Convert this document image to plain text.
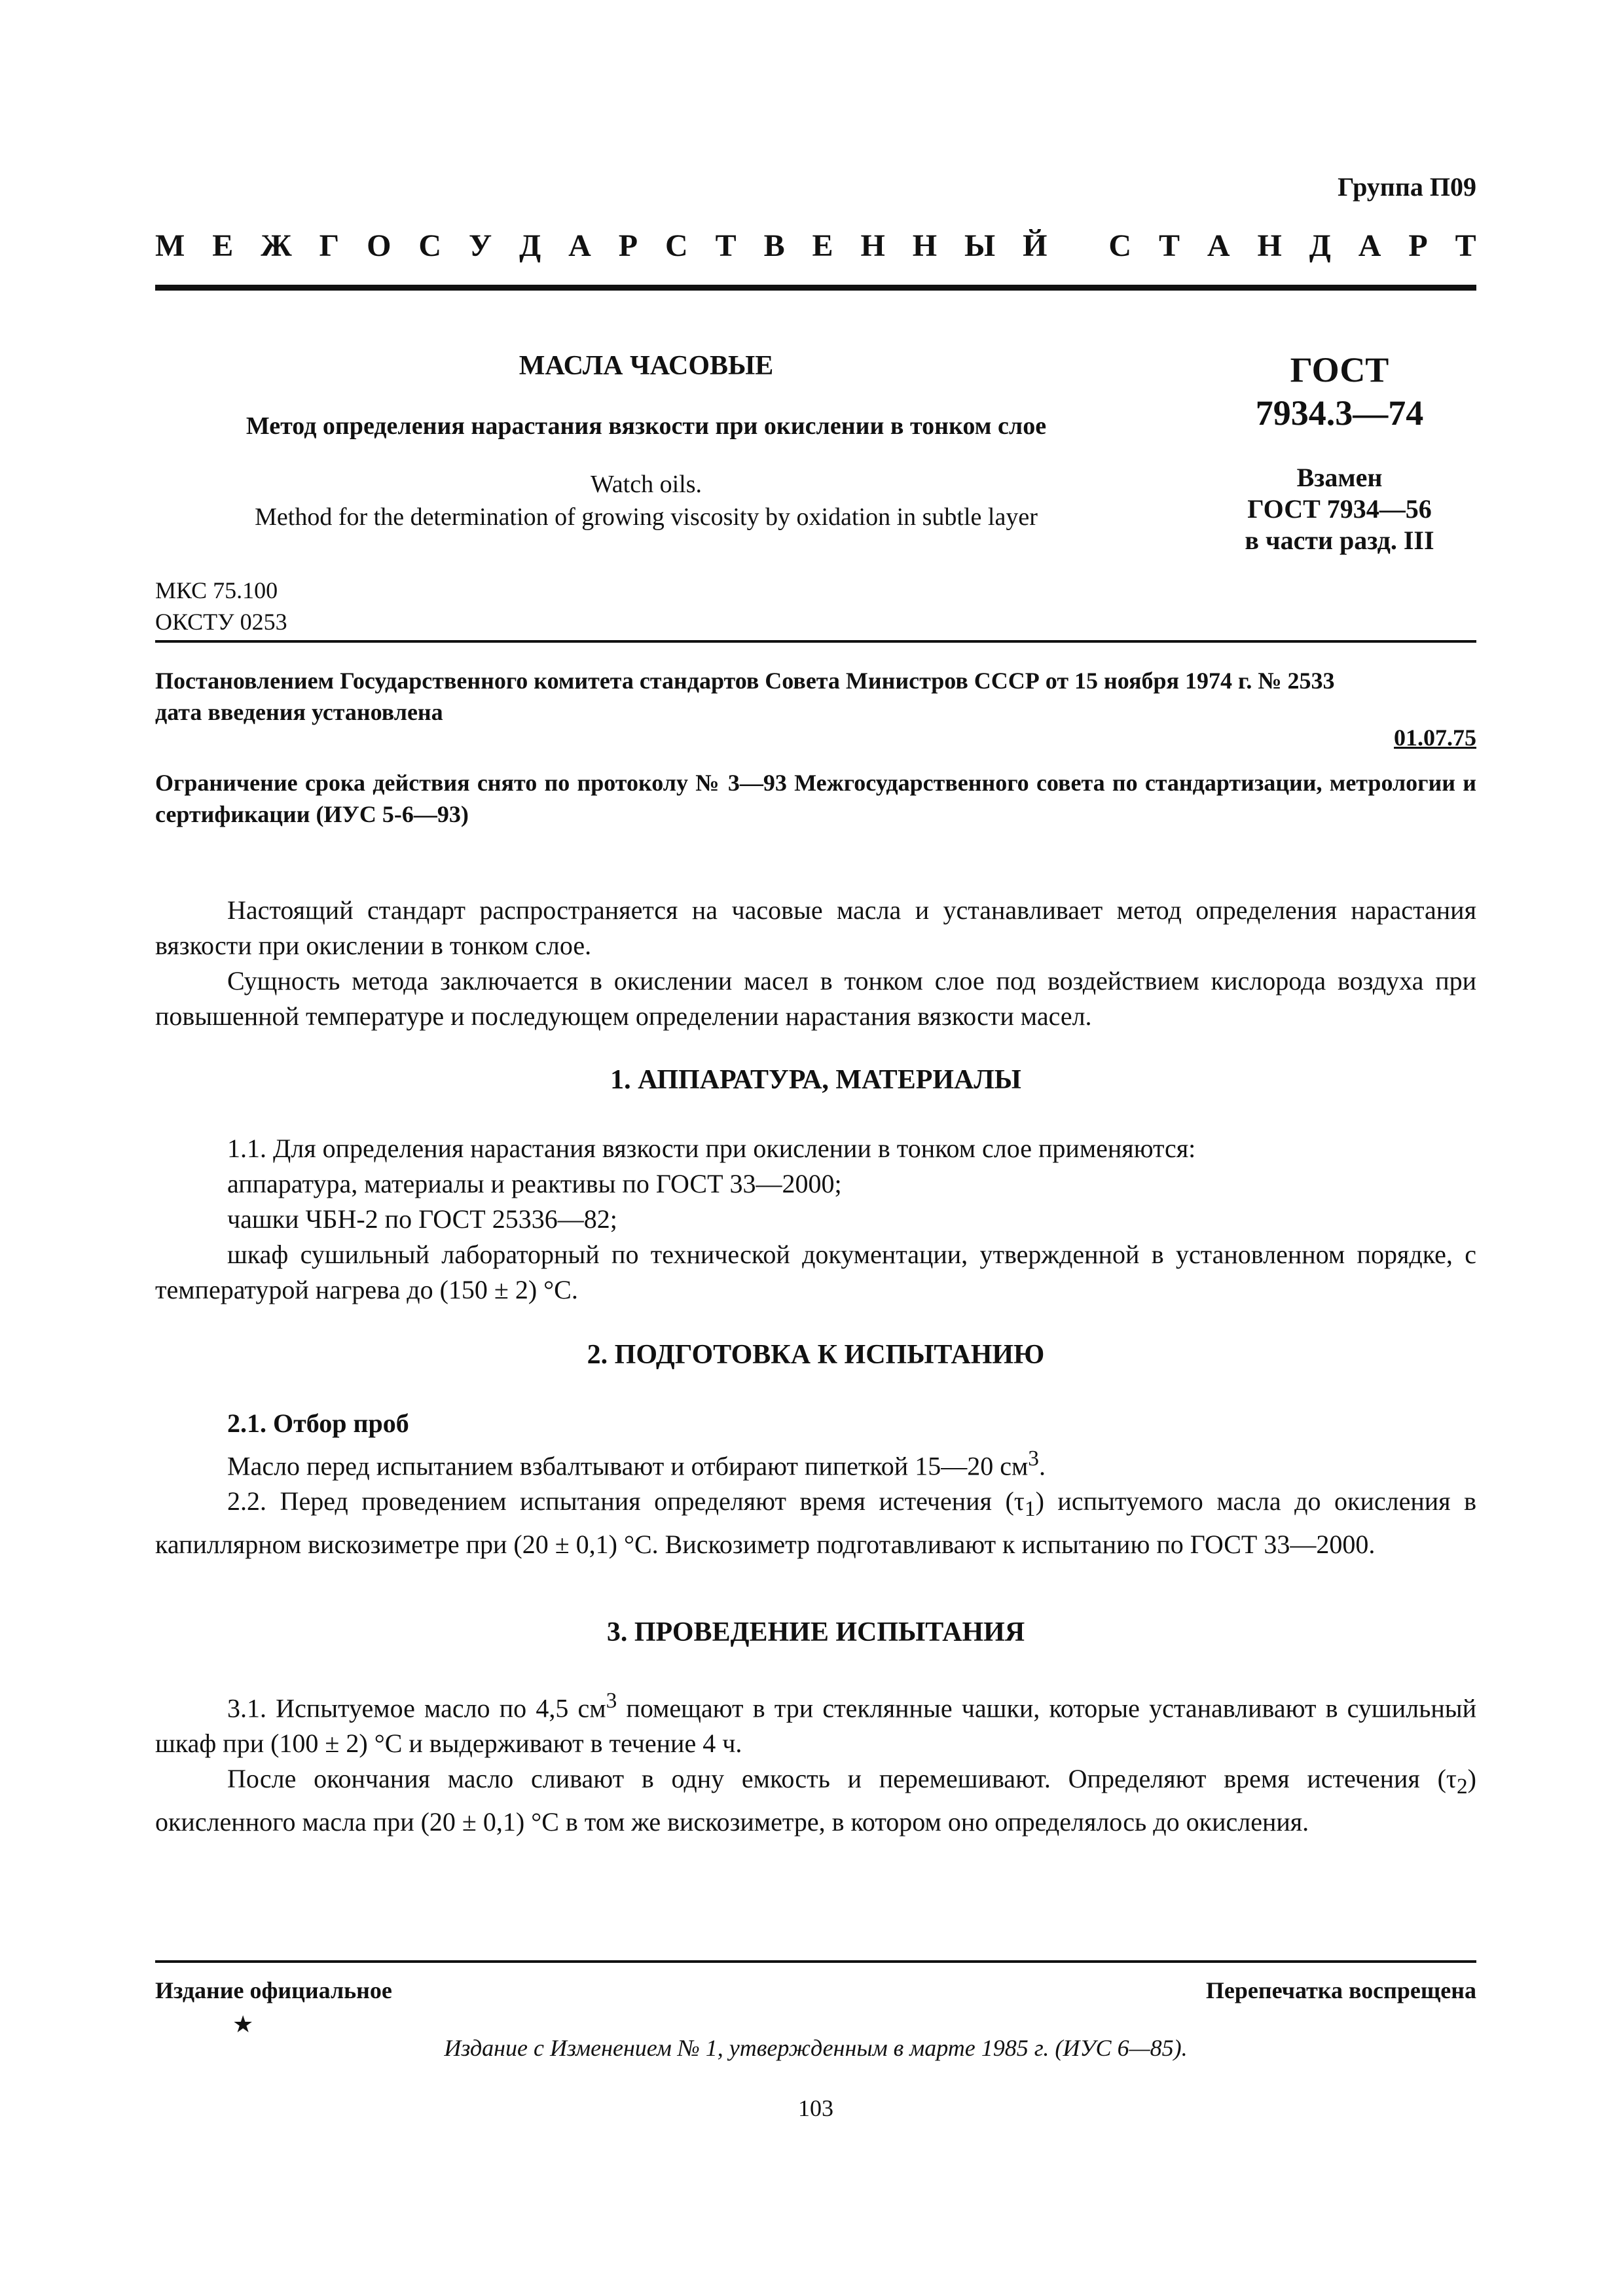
Группа П09
М Е Ж Г О С У Д А Р С Т В Е Н Н Ы Й С Т А Н Д А Р Т

МАСЛА ЧАСОВЫЕ

Метод определения нарастания вязкости при окислении в тонком слое

Watch oils.
Method for the determination of growing viscosity by oxidation in subtle layer

ГОСТ
7934.3—74
Взамен
ГОСТ 7934—56
в части разд. III
МКС 75.100
ОКСТУ 0253
Постановлением Государственного комитета стандартов Совета Министров СССР от 15 ноября 1974 г. № 2533
дата введения установлена
01.07.75
Ограничение срока действия снято по протоколу № 3—93 Межгосударственного совета по стандартизации, метрологии и сертификации (ИУС 5-6—93)

Настоящий стандарт распространяется на часовые масла и устанавливает метод определения нарастания вязкости при окислении в тонком слое.

Сущность метода заключается в окислении масел в тонком слое под воздействием кислорода воздуха при повышенной температуре и последующем определении нарастания вязкости масел.

1. АППАРАТУРА, МАТЕРИАЛЫ

1.1. Для определения нарастания вязкости при окислении в тонком слое применяются:

аппаратура, материалы и реактивы по ГОСТ 33—2000;

чашки ЧБН-2 по ГОСТ 25336—82;

шкаф сушильный лабораторный по технической документации, утвержденной в установленном порядке, с температурой нагрева до (150 ± 2) °С.

2. ПОДГОТОВКА К ИСПЫТАНИЮ

2.1. Отбор проб

Масло перед испытанием взбалтывают и отбирают пипеткой 15—20 $см^3$.

2.2. Перед проведением испытания определяют время истечения $(\tau_1)$ испытуемого масла до окисления в капиллярном вискозиметре при (20 ± 0,1) °С. Вискозиметр подготавливают к испытанию по ГОСТ 33—2000.

3. ПРОВЕДЕНИЕ ИСПЫТАНИЯ

3.1. Испытуемое масло по 4,5 $см^3$ помещают в три стеклянные чашки, которые устанавливают в сушильный шкаф при (100 ± 2) °С и выдерживают в течение 4 ч.

После окончания масло сливают в одну емкость и перемешивают. Определяют время истечения $(\tau_2)$ окисленного масла при (20 ± 0,1) °С в том же вискозиметре, в котором оно определялось до окисления.

Издание официальное	Перепечатка воспрещена
★
Издание с Изменением № 1, утвержденным в марте 1985 г. (ИУС 6—85).
103
